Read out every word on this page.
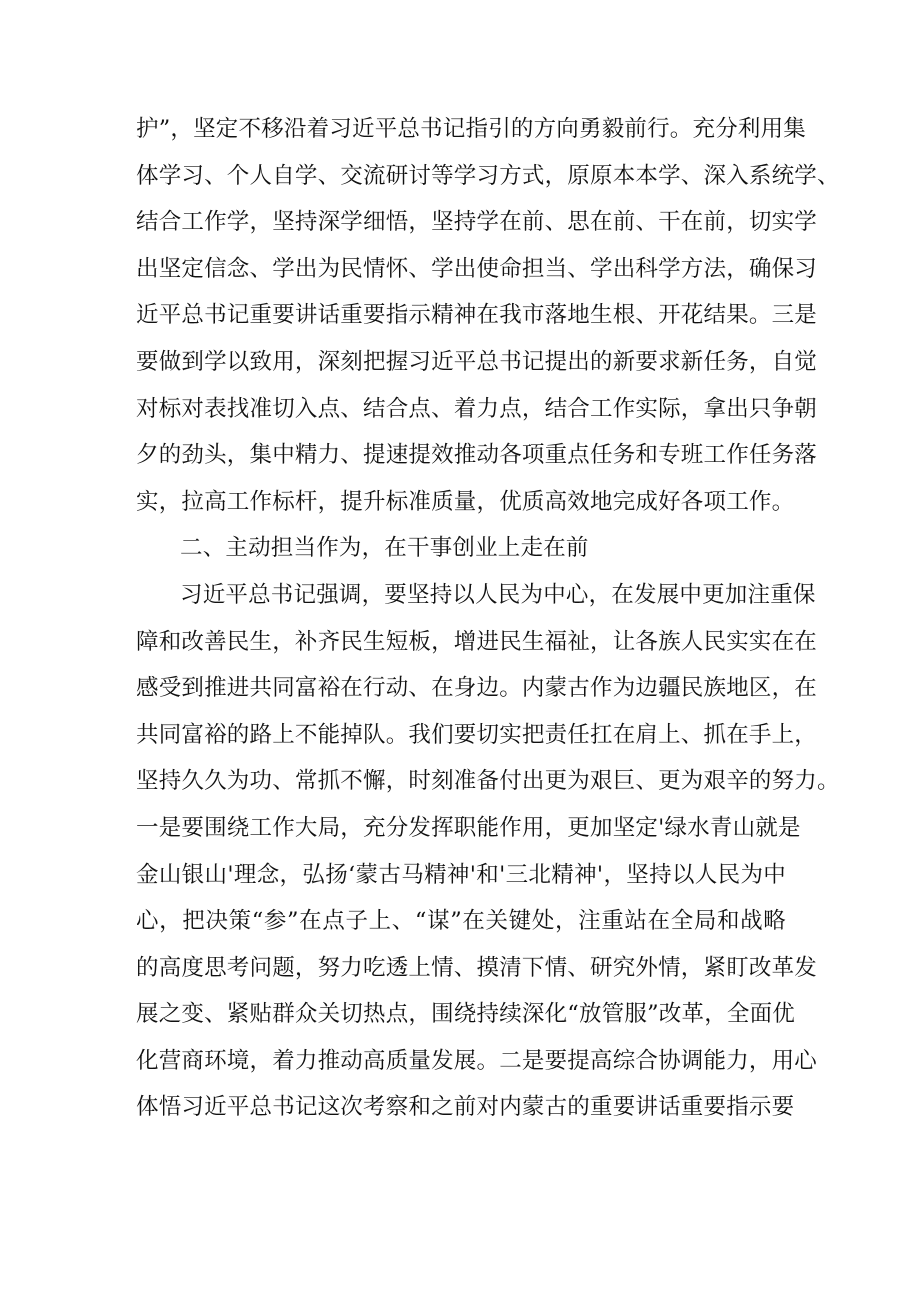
护”，坚定不移沿着习近平总书记指引的方向勇毅前行。充分利用集
体学习、个人自学、交流研讨等学习方式，原原本本学、深入系统学、
结合工作学，坚持深学细悟，坚持学在前、思在前、干在前，切实学
出坚定信念、学出为民情怀、学出使命担当、学出科学方法，确保习
近平总书记重要讲话重要指示精神在我市落地生根、开花结果。三是
要做到学以致用，深刻把握习近平总书记提出的新要求新任务，自觉
对标对表找准切入点、结合点、着力点，结合工作实际，拿出只争朝
夕的劲头，集中精力、提速提效推动各项重点任务和专班工作任务落
实，拉高工作标杆，提升标准质量，优质高效地完成好各项工作。
二、主动担当作为，在干事创业上走在前
习近平总书记强调，要坚持以人民为中心，在发展中更加注重保
障和改善民生，补齐民生短板，增进民生福祉，让各族人民实实在在
感受到推进共同富裕在行动、在身边。内蒙古作为边疆民族地区，在
共同富裕的路上不能掉队。我们要切实把责任扛在肩上、抓在手上，
坚持久久为功、常抓不懈，时刻准备付出更为艰巨、更为艰辛的努力。
一是要围绕工作大局，充分发挥职能作用，更加坚定'绿水青山就是
金山银山'理念，弘扬‘蒙古马精神'和'三北精神'，坚持以人民为中
心，把决策“参”在点子上、“谋”在关键处，注重站在全局和战略
的高度思考问题，努力吃透上情、摸清下情、研究外情，紧盯改革发
展之变、紧贴群众关切热点，围绕持续深化“放管服”改革，全面优
化营商环境，着力推动高质量发展。二是要提高综合协调能力，用心
体悟习近平总书记这次考察和之前对内蒙古的重要讲话重要指示要
